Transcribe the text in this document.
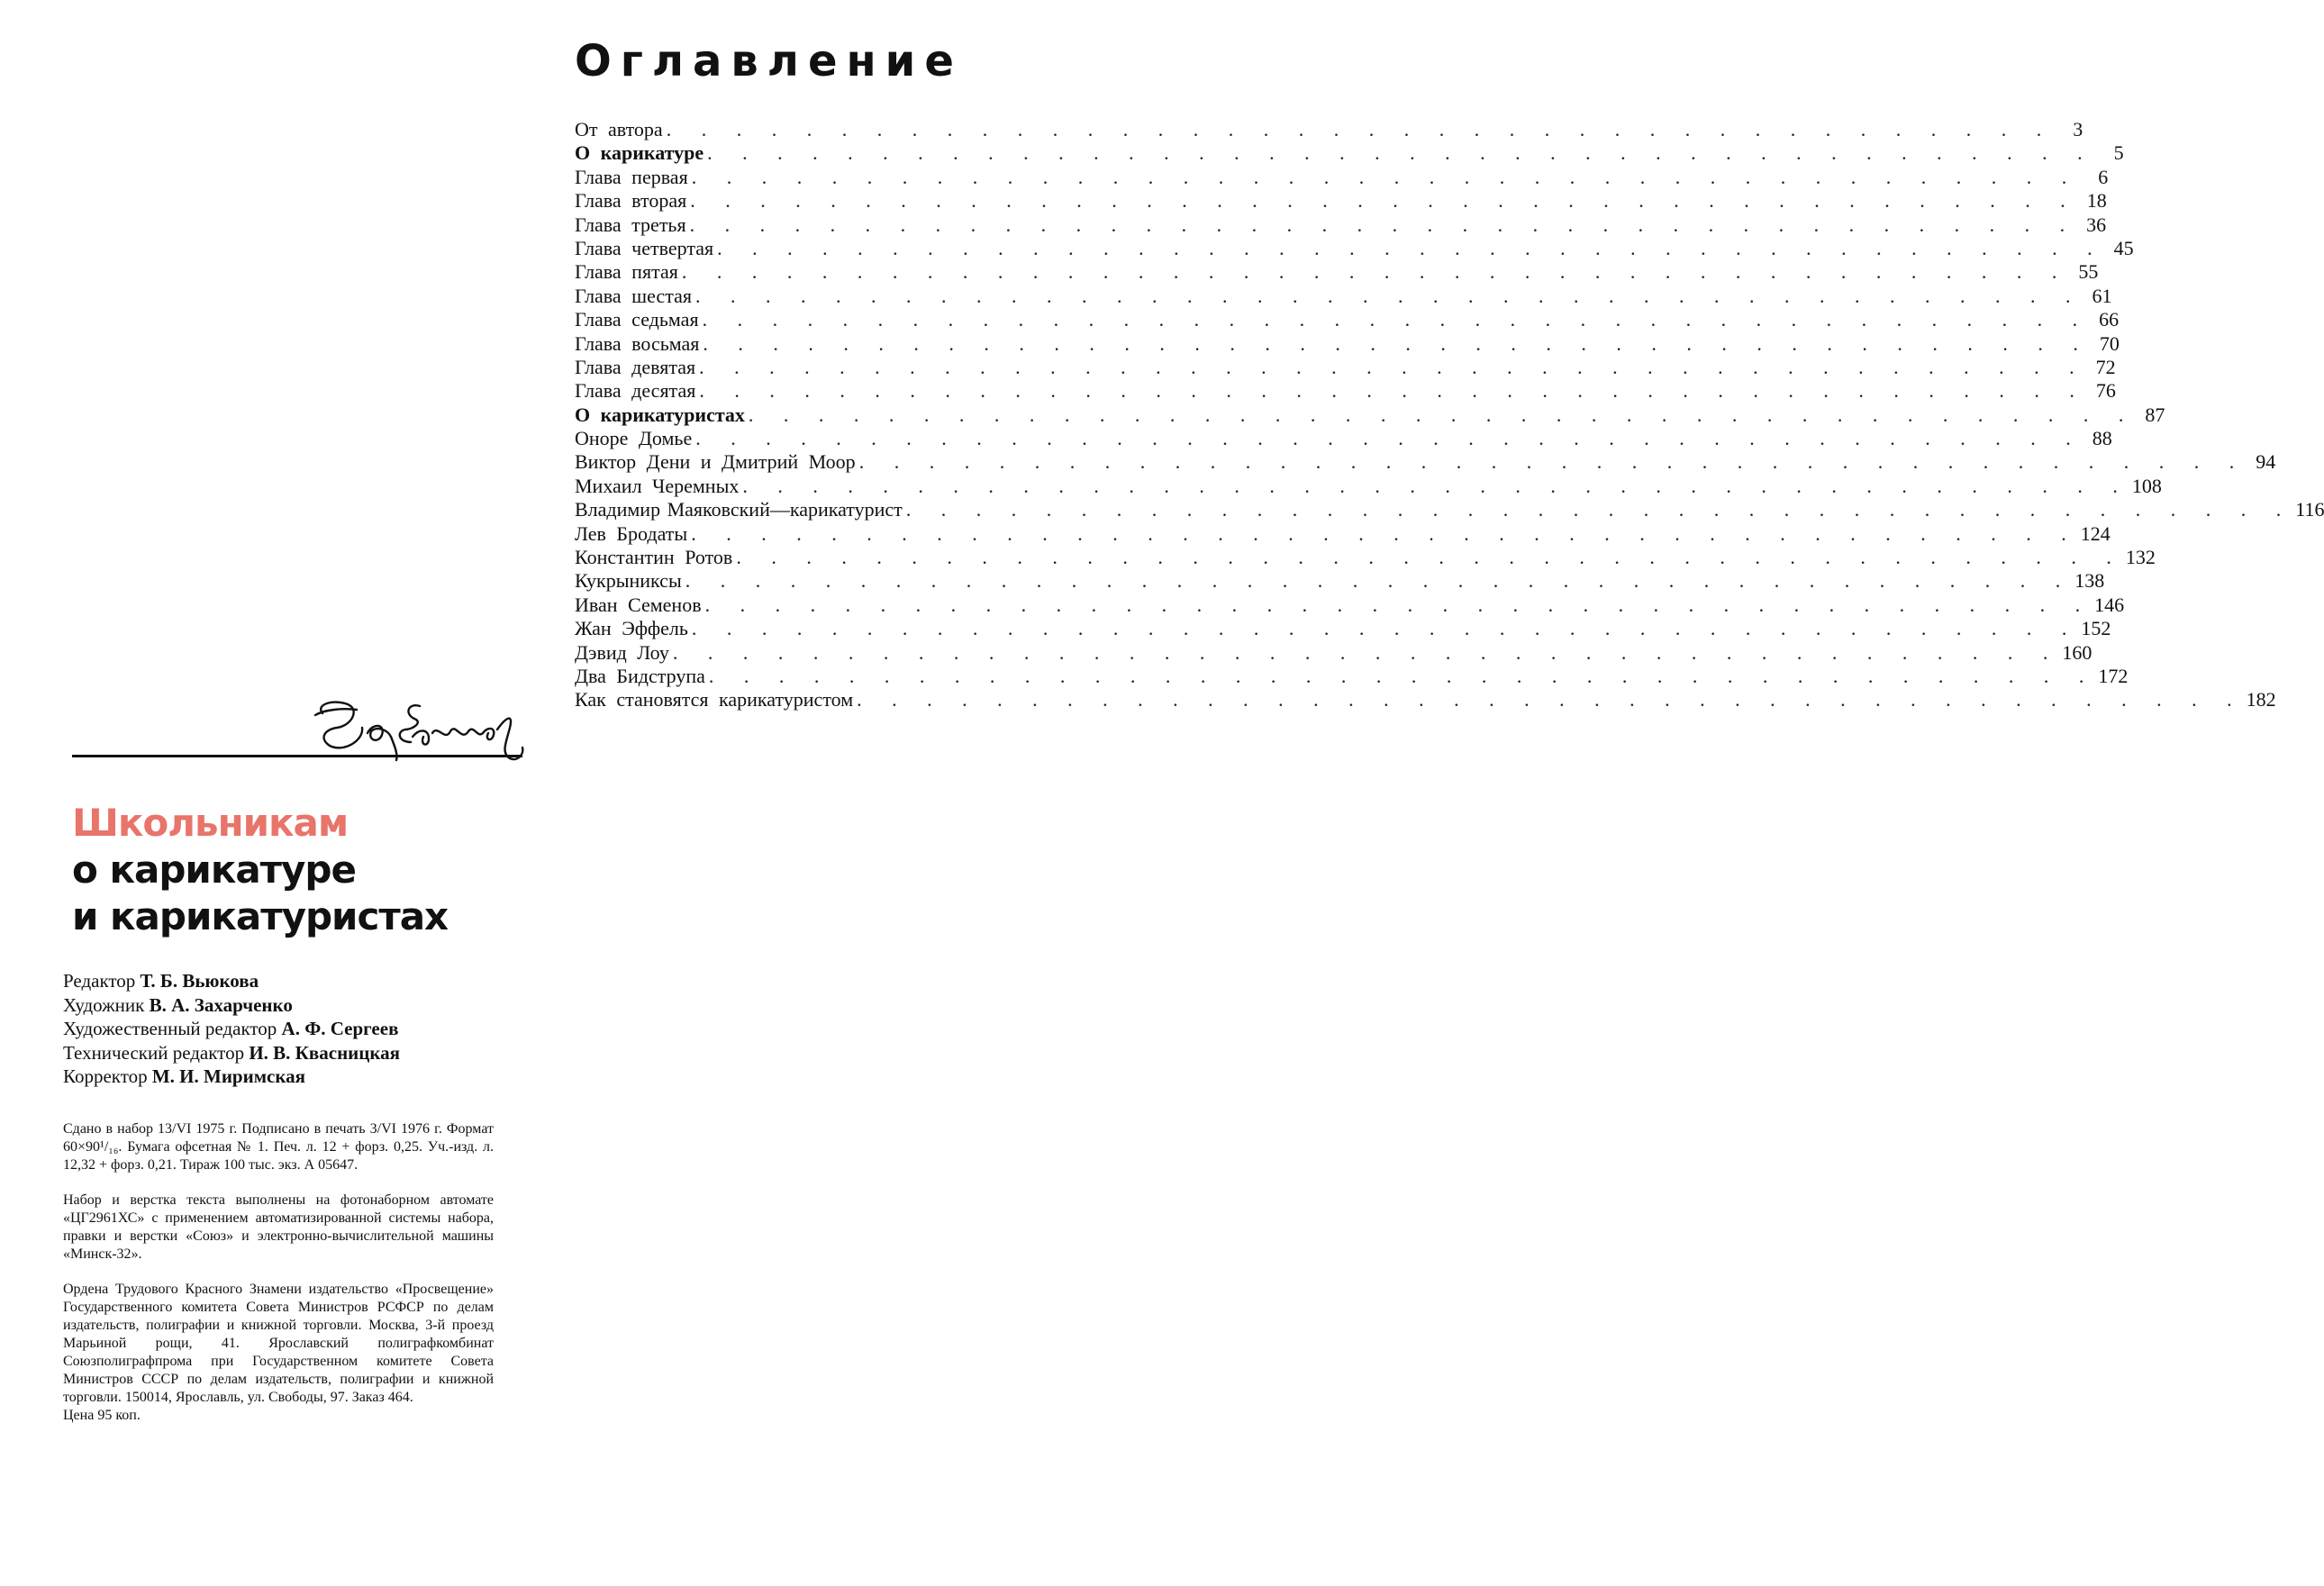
Оглавление
От автора . . . . . . . . . . . . . . . . . . . . . . . . . . . . . . . . . . . . . . . . 3
О карикатуре . . . . . . . . . . . . . . . . . . . . . . . . . . . . . . . . . . . . . . . . 5
Глава первая . . . . . . . . . . . . . . . . . . . . . . . . . . . . . . . . . . . . . . . . 6
Глава вторая . . . . . . . . . . . . . . . . . . . . . . . . . . . . . . . . . . . . . . . . 18
Глава третья . . . . . . . . . . . . . . . . . . . . . . . . . . . . . . . . . . . . . . . . 36
Глава четвертая . . . . . . . . . . . . . . . . . . . . . . . . . . . . . . . . . . . . . . . . 45
Глава пятая . . . . . . . . . . . . . . . . . . . . . . . . . . . . . . . . . . . . . . . . 55
Глава шестая . . . . . . . . . . . . . . . . . . . . . . . . . . . . . . . . . . . . . . . . 61
Глава седьмая . . . . . . . . . . . . . . . . . . . . . . . . . . . . . . . . . . . . . . . . 66
Глава восьмая . . . . . . . . . . . . . . . . . . . . . . . . . . . . . . . . . . . . . . . . 70
Глава девятая . . . . . . . . . . . . . . . . . . . . . . . . . . . . . . . . . . . . . . . . 72
Глава десятая . . . . . . . . . . . . . . . . . . . . . . . . . . . . . . . . . . . . . . . . 76
О карикатуристах . . . . . . . . . . . . . . . . . . . . . . . . . . . . . . . . . . . . . . . . 87
Оноре Домье . . . . . . . . . . . . . . . . . . . . . . . . . . . . . . . . . . . . . . . . 88
Виктор Дени и Дмитрий Моор . . . . . . . . . . . . . . . . . . . . . . . . . . . . . . . . . . . . . . . . 94
Михаил Черемных . . . . . . . . . . . . . . . . . . . . . . . . . . . . . . . . . . . . . . . . 108
Владимир Маяковский—карикатурист . . . . . . . . . . . . . . . . . . . . . . . . . . . . . . . . . . . . . . . . 116
Лев Бродаты . . . . . . . . . . . . . . . . . . . . . . . . . . . . . . . . . . . . . . . . 124
Константин Ротов . . . . . . . . . . . . . . . . . . . . . . . . . . . . . . . . . . . . . . . . 132
Кукрыниксы . . . . . . . . . . . . . . . . . . . . . . . . . . . . . . . . . . . . . . . . 138
Иван Семенов . . . . . . . . . . . . . . . . . . . . . . . . . . . . . . . . . . . . . . . . 146
Жан Эффель . . . . . . . . . . . . . . . . . . . . . . . . . . . . . . . . . . . . . . . . 152
Дэвид Лоу . . . . . . . . . . . . . . . . . . . . . . . . . . . . . . . . . . . . . . . . 160
Два Бидструпа . . . . . . . . . . . . . . . . . . . . . . . . . . . . . . . . . . . . . . . . 172
Как становятся карикатуристом . . . . . . . . . . . . . . . . . . . . . . . . . . . . . . . . . . . . . . . . 182
Школьникам
о карикатуре
и карикатуристах
Редактор Т. Б. Вьюкова
Художник В. А. Захарченко
Художественный редактор А. Ф. Сергеев
Технический редактор И. В. Квасницкая
Корректор М. И. Миримская

Сдано в набор 13/VI 1975 г. Подписано в печать 3/VI 1976 г. Формат 60×90¹/₁₆. Бумага офсетная № 1. Печ. л. 12 + форз. 0,25. Уч.-изд. л. 12,32 + форз. 0,21. Тираж 100 тыс. экз. А 05647.

Набор и верстка текста выполнены на фотонаборном автомате «ЦГ2961ХС» с применением автоматизированной системы набора, правки и верстки «Союз» и электронно-вычислительной машины «Минск-32».

Ордена Трудового Красного Знамени издательство «Просвещение» Государственного комитета Совета Министров РСФСР по делам издательств, полиграфии и книжной торговли. Москва, 3-й проезд Марьиной рощи, 41. Ярославский полиграфкомбинат Союзполиграфпрома при Государственном комитете Совета Министров СССР по делам издательств, полиграфии и книжной торговли. 150014, Ярославль, ул. Свободы, 97. Заказ 464.
Цена 95 коп.
